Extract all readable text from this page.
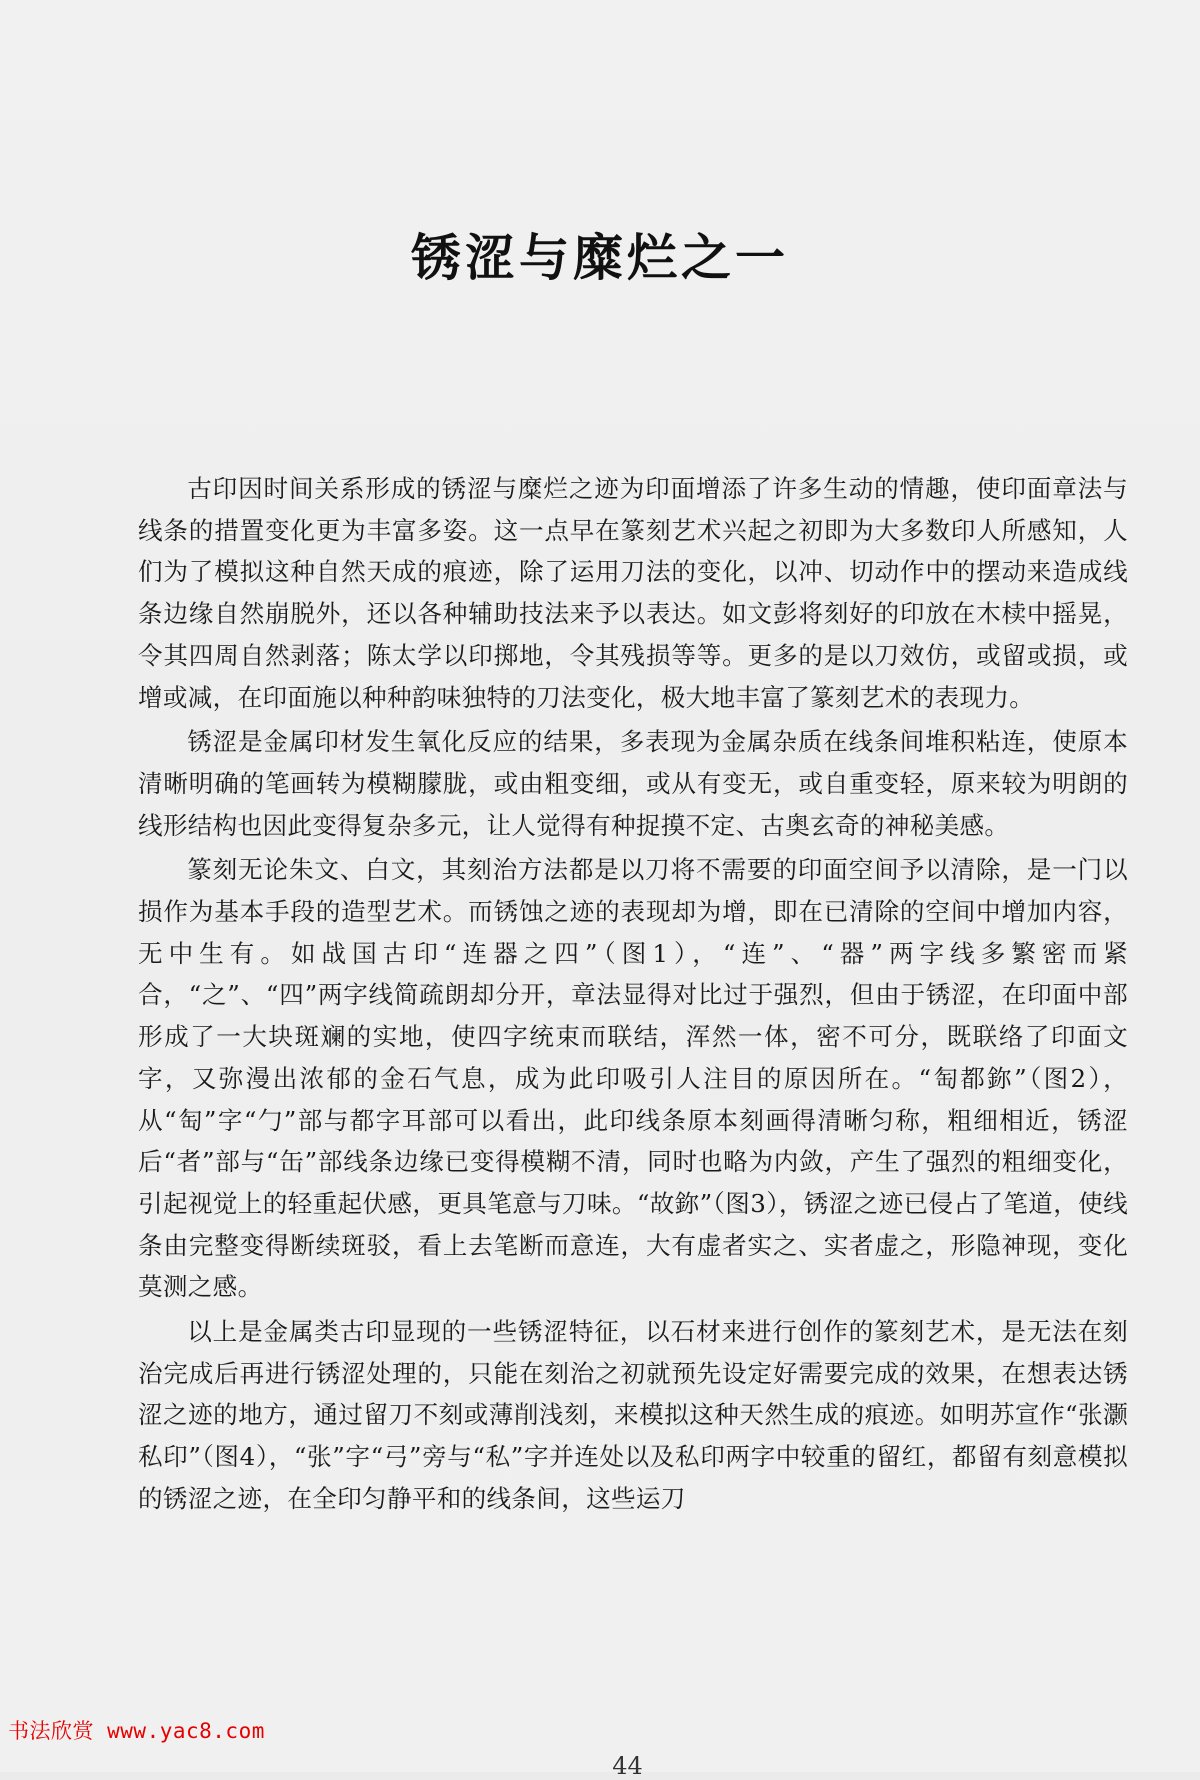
锈涩与糜烂之一

古印因时间关系形成的锈涩与糜烂之迹为印面增添了许多生动的情趣，使印面章法与线条的措置变化更为丰富多姿。这一点早在篆刻艺术兴起之初即为大多数印人所感知，人们为了模拟这种自然天成的痕迹，除了运用刀法的变化，以冲、切动作中的摆动来造成线条边缘自然崩脱外，还以各种辅助技法来予以表达。如文彭将刻好的印放在木椟中摇晃，令其四周自然剥落；陈太学以印掷地，令其残损等等。更多的是以刀效仿，或留或损，或增或减，在印面施以种种韵味独特的刀法变化，极大地丰富了篆刻艺术的表现力。

锈涩是金属印材发生氧化反应的结果，多表现为金属杂质在线条间堆积粘连，使原本清晰明确的笔画转为模糊朦胧，或由粗变细，或从有变无，或自重变轻，原来较为明朗的线形结构也因此变得复杂多元，让人觉得有种捉摸不定、古奥玄奇的神秘美感。

篆刻无论朱文、白文，其刻治方法都是以刀将不需要的印面空间予以清除，是一门以损作为基本手段的造型艺术。而锈蚀之迹的表现却为增，即在已清除的空间中增加内容，无中生有。如战国古印“连器之四”（图1），“连”、“器”两字线多繁密而紧合，“之”、“四”两字线简疏朗却分开，章法显得对比过于强烈，但由于锈涩，在印面中部形成了一大块斑斓的实地，使四字统束而联结，浑然一体，密不可分，既联络了印面文字，又弥漫出浓郁的金石气息，成为此印吸引人注目的原因所在。“匋都鉨”（图2），从“匋”字“勹”部与都字耳部可以看出，此印线条原本刻画得清晰匀称，粗细相近，锈涩后“者”部与“缶”部线条边缘已变得模糊不清，同时也略为内敛，产生了强烈的粗细变化，引起视觉上的轻重起伏感，更具笔意与刀味。“故鉨”（图3），锈涩之迹已侵占了笔道，使线条由完整变得断续斑驳，看上去笔断而意连，大有虚者实之、实者虚之，形隐神现，变化莫测之感。

以上是金属类古印显现的一些锈涩特征，以石材来进行创作的篆刻艺术，是无法在刻治完成后再进行锈涩处理的，只能在刻治之初就预先设定好需要完成的效果，在想表达锈涩之迹的地方，通过留刀不刻或薄削浅刻，来模拟这种天然生成的痕迹。如明苏宣作“张灏私印”（图4），“张”字“弓”旁与“私”字并连处以及私印两字中较重的留红，都留有刻意模拟的锈涩之迹，在全印匀静平和的线条间，这些运刀

书法欣赏 www.yac8.com
44
